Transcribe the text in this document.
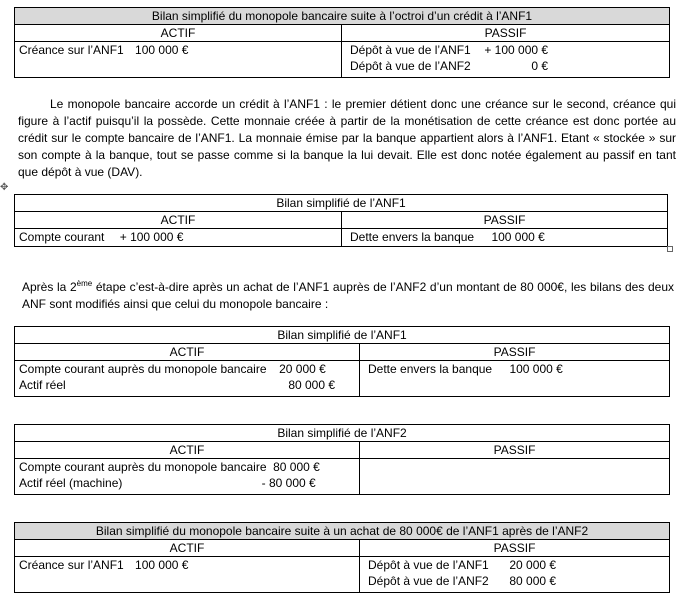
Bilan simplifié du monopole bancaire suite à l’octroi d’un crédit à l’ANF1	
ACTIF	PASSIF

Créance sur l’ANF1 100 000 €	Dépôt à vue de l’ANF1 + 100 000 €
Dépôt à vue de l’ANF2 0 €
Le monopole bancaire accorde un crédit à l’ANF1 : le premier détient donc une créance sur le second, créance qui figure à l’actif puisqu’il la possède. Cette monnaie créée à partir de la monétisation de cette créance est donc portée au crédit sur le compte bancaire de l’ANF1. La monnaie émise par la banque appartient alors à l’ANF1. Etant « stockée » sur son compte à la banque, tout se passe comme si la banque la lui devait. Elle est donc notée également au passif en tant que dépôt à vue (DAV).
✥
Bilan simplifié de l’ANF1	
ACTIF	PASSIF

Compte courant + 100 000 €	Dette envers la banque 100 000 €
Après la 2ème étape c’est-à-dire après un achat de l’ANF1 auprès de l’ANF2 d’un montant de 80 000€, les bilans des deux ANF sont modifiés ainsi que celui du monopole bancaire :
Bilan simplifié de l’ANF1	
ACTIF	PASSIF

Compte courant auprès du monopole bancaire 20 000 €
Actif réel 80 000 €	Dette envers la banque 100 000 €
Bilan simplifié de l’ANF2	
ACTIF	PASSIF

Compte courant auprès du monopole bancaire 80 000 €
Actif réel (machine) - 80 000 €	

Bilan simplifié du monopole bancaire suite à un achat de 80 000€ de l’ANF1 après de l’ANF2	
ACTIF	PASSIF

Créance sur l’ANF1 100 000 €	Dépôt à vue de l’ANF1 20 000 €
Dépôt à vue de l’ANF2 80 000 €
